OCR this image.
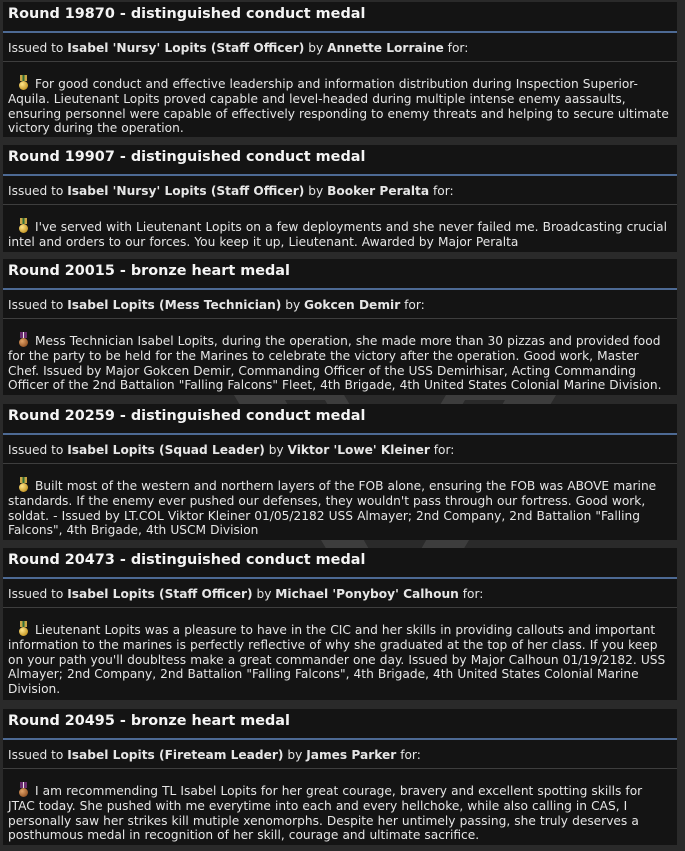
Round 19870 - distinguished conduct medal
Issued to Isabel 'Nursy' Lopits (Staff Officer) by Annette Lorraine for:
For good conduct and effective leadership and information distribution during Inspection Superior-Aquila. Lieutenant Lopits proved capable and level-headed during multiple intense enemy aassaults, ensuring personnel were capable of effectively responding to enemy threats and helping to secure ultimate victory during the operation.
Round 19907 - distinguished conduct medal
Issued to Isabel 'Nursy' Lopits (Staff Officer) by Booker Peralta for:
I've served with Lieutenant Lopits on a few deployments and she never failed me. Broadcasting crucial intel and orders to our forces. You keep it up, Lieutenant. Awarded by Major Peralta
Round 20015 - bronze heart medal
Issued to Isabel Lopits (Mess Technician) by Gokcen Demir for:
Mess Technician Isabel Lopits, during the operation, she made more than 30 pizzas and provided food for the party to be held for the Marines to celebrate the victory after the operation. Good work, Master Chef. Issued by Major Gokcen Demir, Commanding Officer of the USS Demirhisar, Acting Commanding Officer of the 2nd Battalion "Falling Falcons" Fleet, 4th Brigade, 4th United States Colonial Marine Division.
Round 20259 - distinguished conduct medal
Issued to Isabel Lopits (Squad Leader) by Viktor 'Lowe' Kleiner for:
Built most of the western and northern layers of the FOB alone, ensuring the FOB was ABOVE marine standards. If the enemy ever pushed our defenses, they wouldn't pass through our fortress. Good work, soldat. - Issued by LT.COL Viktor Kleiner 01/05/2182 USS Almayer; 2nd Company, 2nd Battalion "Falling Falcons", 4th Brigade, 4th USCM Division
Round 20473 - distinguished conduct medal
Issued to Isabel Lopits (Staff Officer) by Michael 'Ponyboy' Calhoun for:
Lieutenant Lopits was a pleasure to have in the CIC and her skills in providing callouts and important information to the marines is perfectly reflective of why she graduated at the top of her class. If you keep on your path you'll doubltess make a great commander one day. Issued by Major Calhoun 01/19/2182. USS Almayer; 2nd Company, 2nd Battalion "Falling Falcons", 4th Brigade, 4th United States Colonial Marine Division.
Round 20495 - bronze heart medal
Issued to Isabel Lopits (Fireteam Leader) by James Parker for:
I am recommending TL Isabel Lopits for her great courage, bravery and excellent spotting skills for JTAC today. She pushed with me everytime into each and every hellchoke, while also calling in CAS, I personally saw her strikes kill mutiple xenomorphs. Despite her untimely passing, she truly deserves a posthumous medal in recognition of her skill, courage and ultimate sacrifice.
